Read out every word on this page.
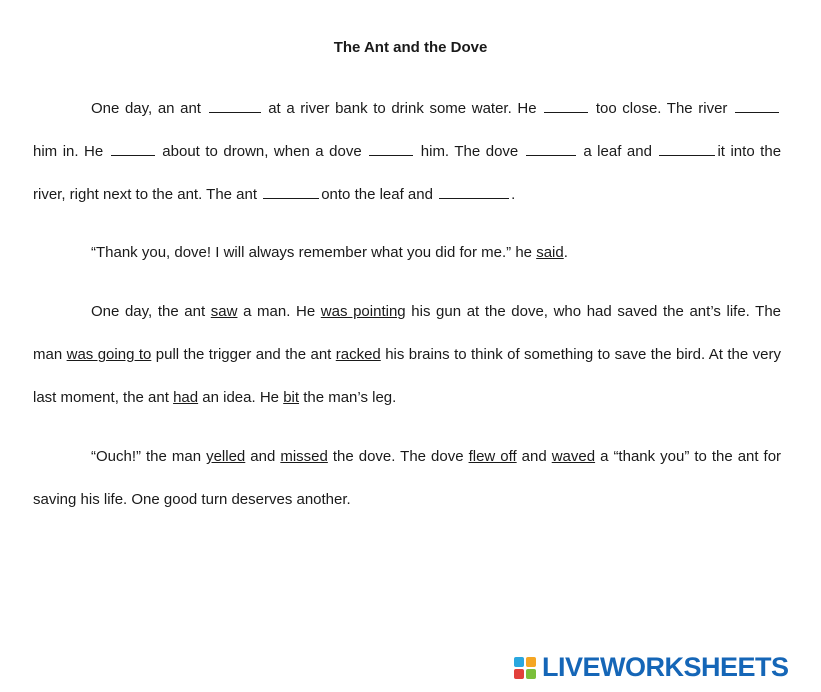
The Ant and the Dove

One day, an ant	at a river bank to drink some water. He	too close. The river  him in. He	about to drown, when a dove	him. The dove	a leaf and	it into the river, right next to the ant. The ant	onto the leaf and	.

“Thank you, dove! I will always remember what you did for me.” he said.

One day, the ant saw a man. He was pointing his gun at the dove, who had saved the ant’s life. The man was going to pull the trigger and the ant racked his brains to think of something to save the bird. At the very last moment, the ant had an idea. He bit the man’s leg.

“Ouch!” the man yelled and missed the dove. The dove flew off and waved a “thank you” to the ant for saving his life. One good turn deserves another.

LIVEWORKSHEETS
